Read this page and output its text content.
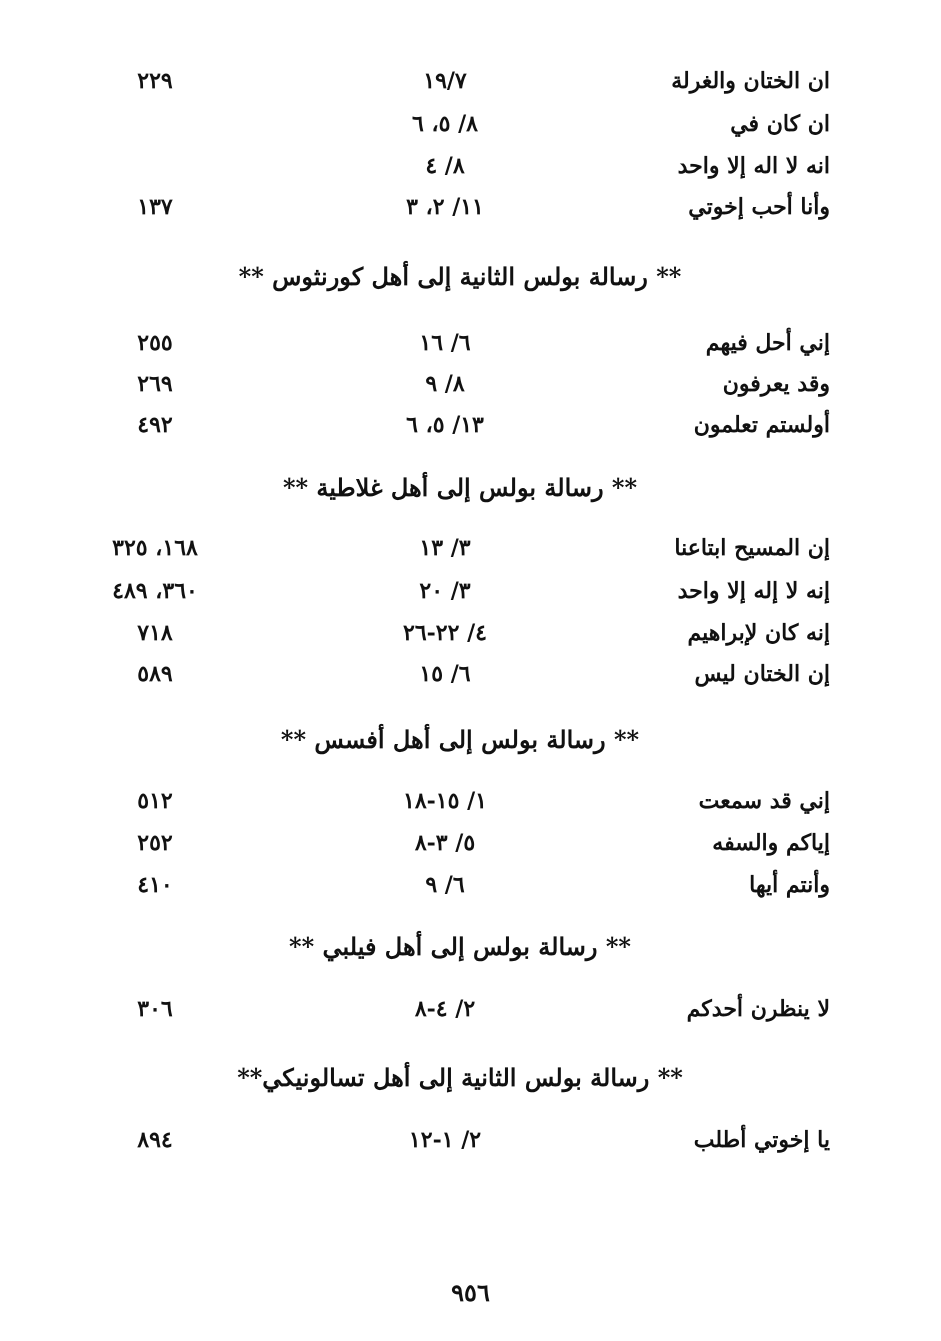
ان الختان والغرلة
١٩/٧
٢٢٩
ان كان في
٨/ ٥، ٦
انه لا اله إلا واحد
٨/ ٤
وأنا أحب إخوتي
١١/ ٢، ٣
١٣٧
** رسالة بولس الثانية إلى أهل كورنثوس **
إني أحل فيهم
٦/ ١٦
٢٥٥
وقد يعرفون
٨/ ٩
٢٦٩
أولستم تعلمون
١٣/ ٥، ٦
٤٩٢
** رسالة بولس إلى أهل غلاطية **
إن المسيح ابتاعنا
٣/ ١٣
١٦٨، ٣٢٥
إنه لا إله إلا واحد
٣/ ٢٠
٣٦٠، ٤٨٩
إنه كان لإبراهيم
٤/ ٢٢-٢٦
٧١٨
إن الختان ليس
٦/ ١٥
٥٨٩
** رسالة بولس إلى أهل أفسس **
إني قد سمعت
١/ ١٥-١٨
٥١٢
إياكم والسفه
٥/ ٣-٨
٢٥٢
وأنتم أيها
٦/ ٩
٤١٠
** رسالة بولس إلى أهل فيلبي **
لا ينظرن أحدكم
٢/ ٤-٨
٣٠٦
** رسالة بولس الثانية إلى أهل تسالونيكي**
يا إخوتي أطلب
٢/ ١-١٢
٨٩٤
٩٥٦
